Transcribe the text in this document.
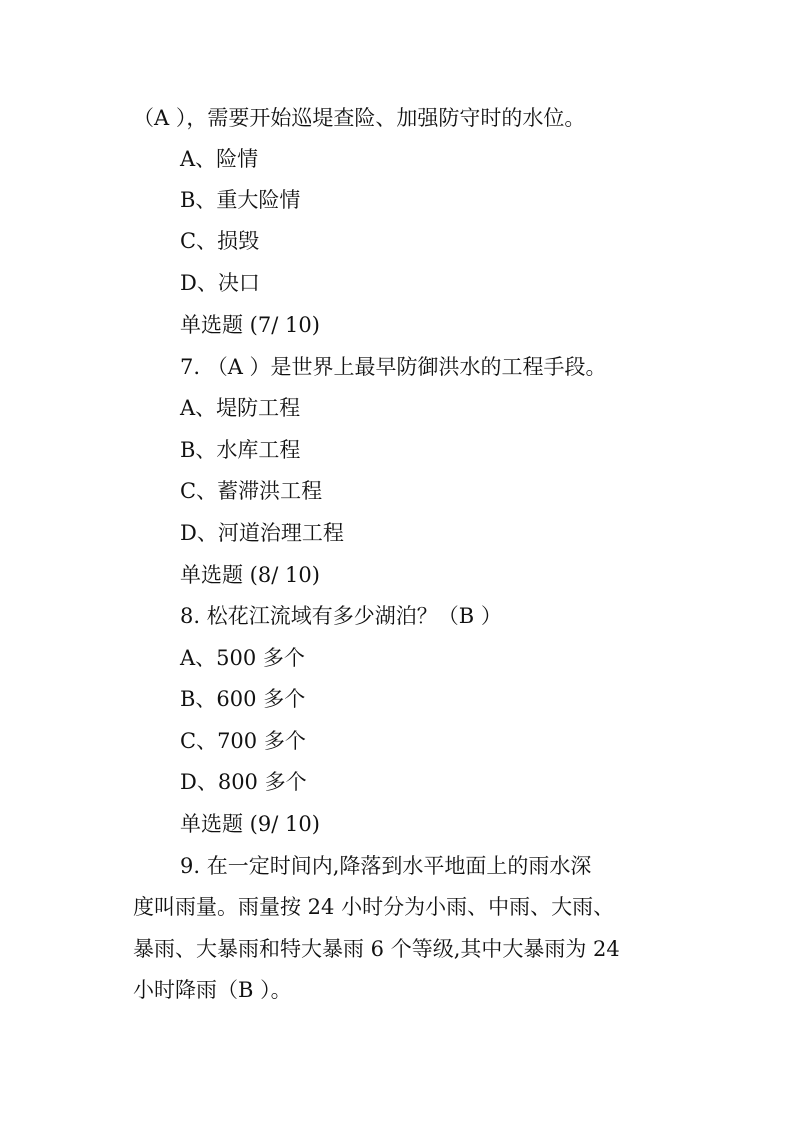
（A ），需要开始巡堤查险、加强防守时的水位。
A、险情
B、重大险情
C、损毁
D、决口
单选题 (7/ 10)
7. （A ）是世界上最早防御洪水的工程手段。
A、堤防工程
B、水库工程
C、蓄滞洪工程
D、河道治理工程
单选题 (8/ 10)
8. 松花江流域有多少湖泊？（B ）
A、500 多个
B、600 多个
C、700 多个
D、800 多个
单选题 (9/ 10)
9. 在一定时间内,降落到水平地面上的雨水深
度叫雨量。雨量按 24 小时分为小雨、中雨、大雨、
暴雨、大暴雨和特大暴雨 6 个等级,其中大暴雨为 24
小时降雨（B ）。
